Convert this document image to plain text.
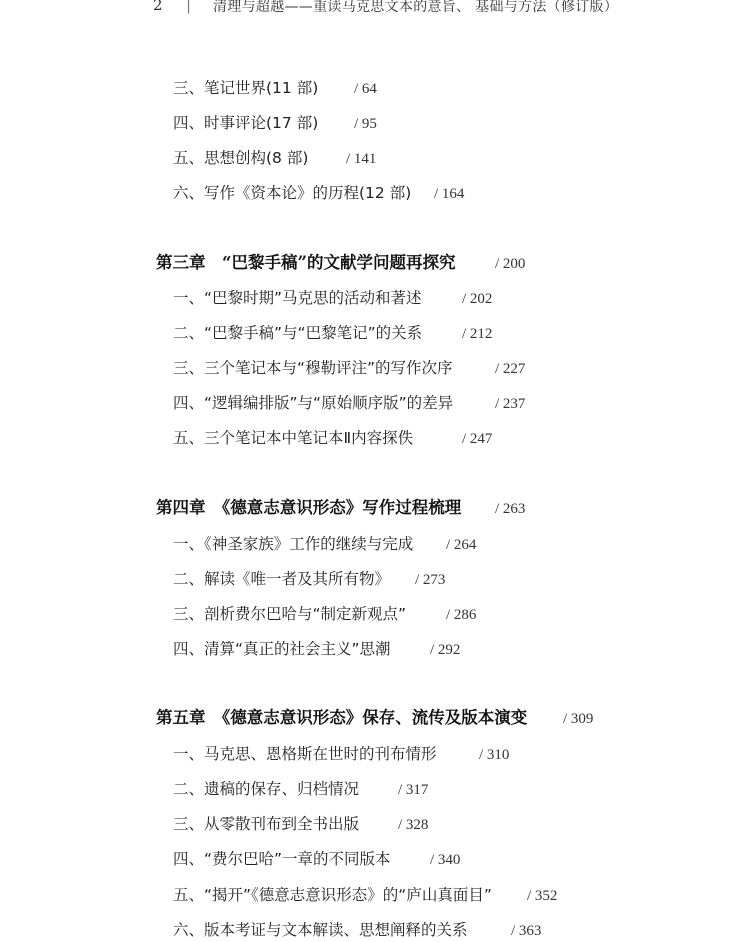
2 | 清理与超越——重读马克思文本的意旨、 基础与方法（修订版）
三、笔记世界(11 部) / 64
四、时事评论(17 部) / 95
五、思想创构(8 部)	/ 141
六、写作《资本论》的历程(12 部) / 164
第三章　“巴黎手稿”的文献学问题再探究	/ 200
一、“巴黎时期”马克思的活动和著述	/ 202
二、“巴黎手稿”与“巴黎笔记”的关系	/ 212
三、三个笔记本与“穆勒评注”的写作次序	/ 227
四、“逻辑编排版”与“原始顺序版”的差异	/ 237
五、三个笔记本中笔记本Ⅱ内容探佚	/ 247
第四章　《德意志意识形态》写作过程梳理 / 263
一、《神圣家族》工作的继续与完成 / 264
二、解读《唯一者及其所有物》 / 273
三、剖析费尔巴哈与“制定新观点”	/ 286
四、清算“真正的社会主义”思潮	/ 292
第五章　《德意志意识形态》保存、流传及版本演变 / 309
一、马克思、恩格斯在世时的刊布情形	/ 310
二、遗稿的保存、归档情况	/ 317
三、从零散刊布到全书出版	/ 328
四、“费尔巴哈”一章的不同版本	/ 340
五、“揭开”《德意志意识形态》的“庐山真面目” / 352
六、版本考证与文本解读、思想阐释的关系	/ 363
